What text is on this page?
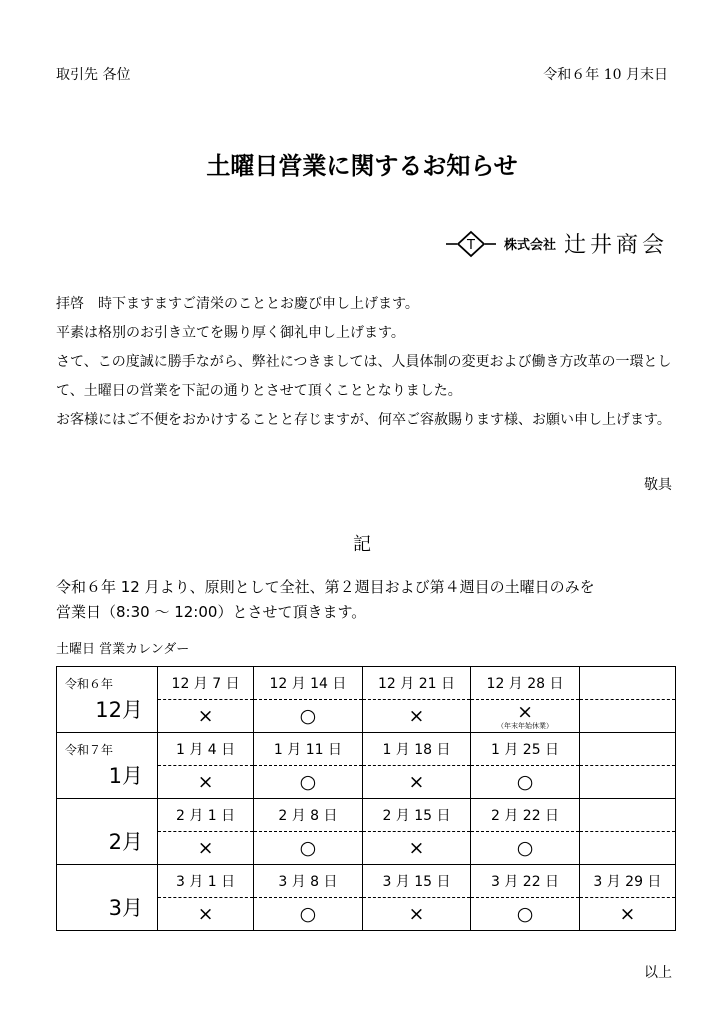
取引先 各位	令和６年 10 月末日
土曜日営業に関するお知らせ
T 株式会社 辻井商会

拝啓　時下ますますご清栄のこととお慶び申し上げます。

平素は格別のお引き立てを賜り厚く御礼申し上げます。

さて、この度誠に勝手ながら、弊社につきましては、人員体制の変更および働き方改革の一環として、土曜日の営業を下記の通りとさせて頂くこととなりました。

お客様にはご不便をおかけすることと存じますが、何卒ご容赦賜ります様、お願い申し上げます。

敬具
記

令和６年 12 月より、原則として全社、第２週目および第４週目の土曜日のみを

営業日（8:30 ～ 12:00）とさせて頂きます。

土曜日 営業カレンダー
令和６年
12月	12 月 7 日	12 月 14 日	12 月 21 日	12 月 28 日	
	×	○	×	×
（年末年始休業）	

令和７年
1月	1 月 4 日	1 月 11 日	1 月 18 日	1 月 25 日	
	×	○	×	○	

2月	2 月 1 日	2 月 8 日	2 月 15 日	2 月 22 日	
	×	○	×	○	

3月	3 月 1 日	3 月 8 日	3 月 15 日	3 月 22 日	3 月 29 日
	×	○	×	○	×
以上
